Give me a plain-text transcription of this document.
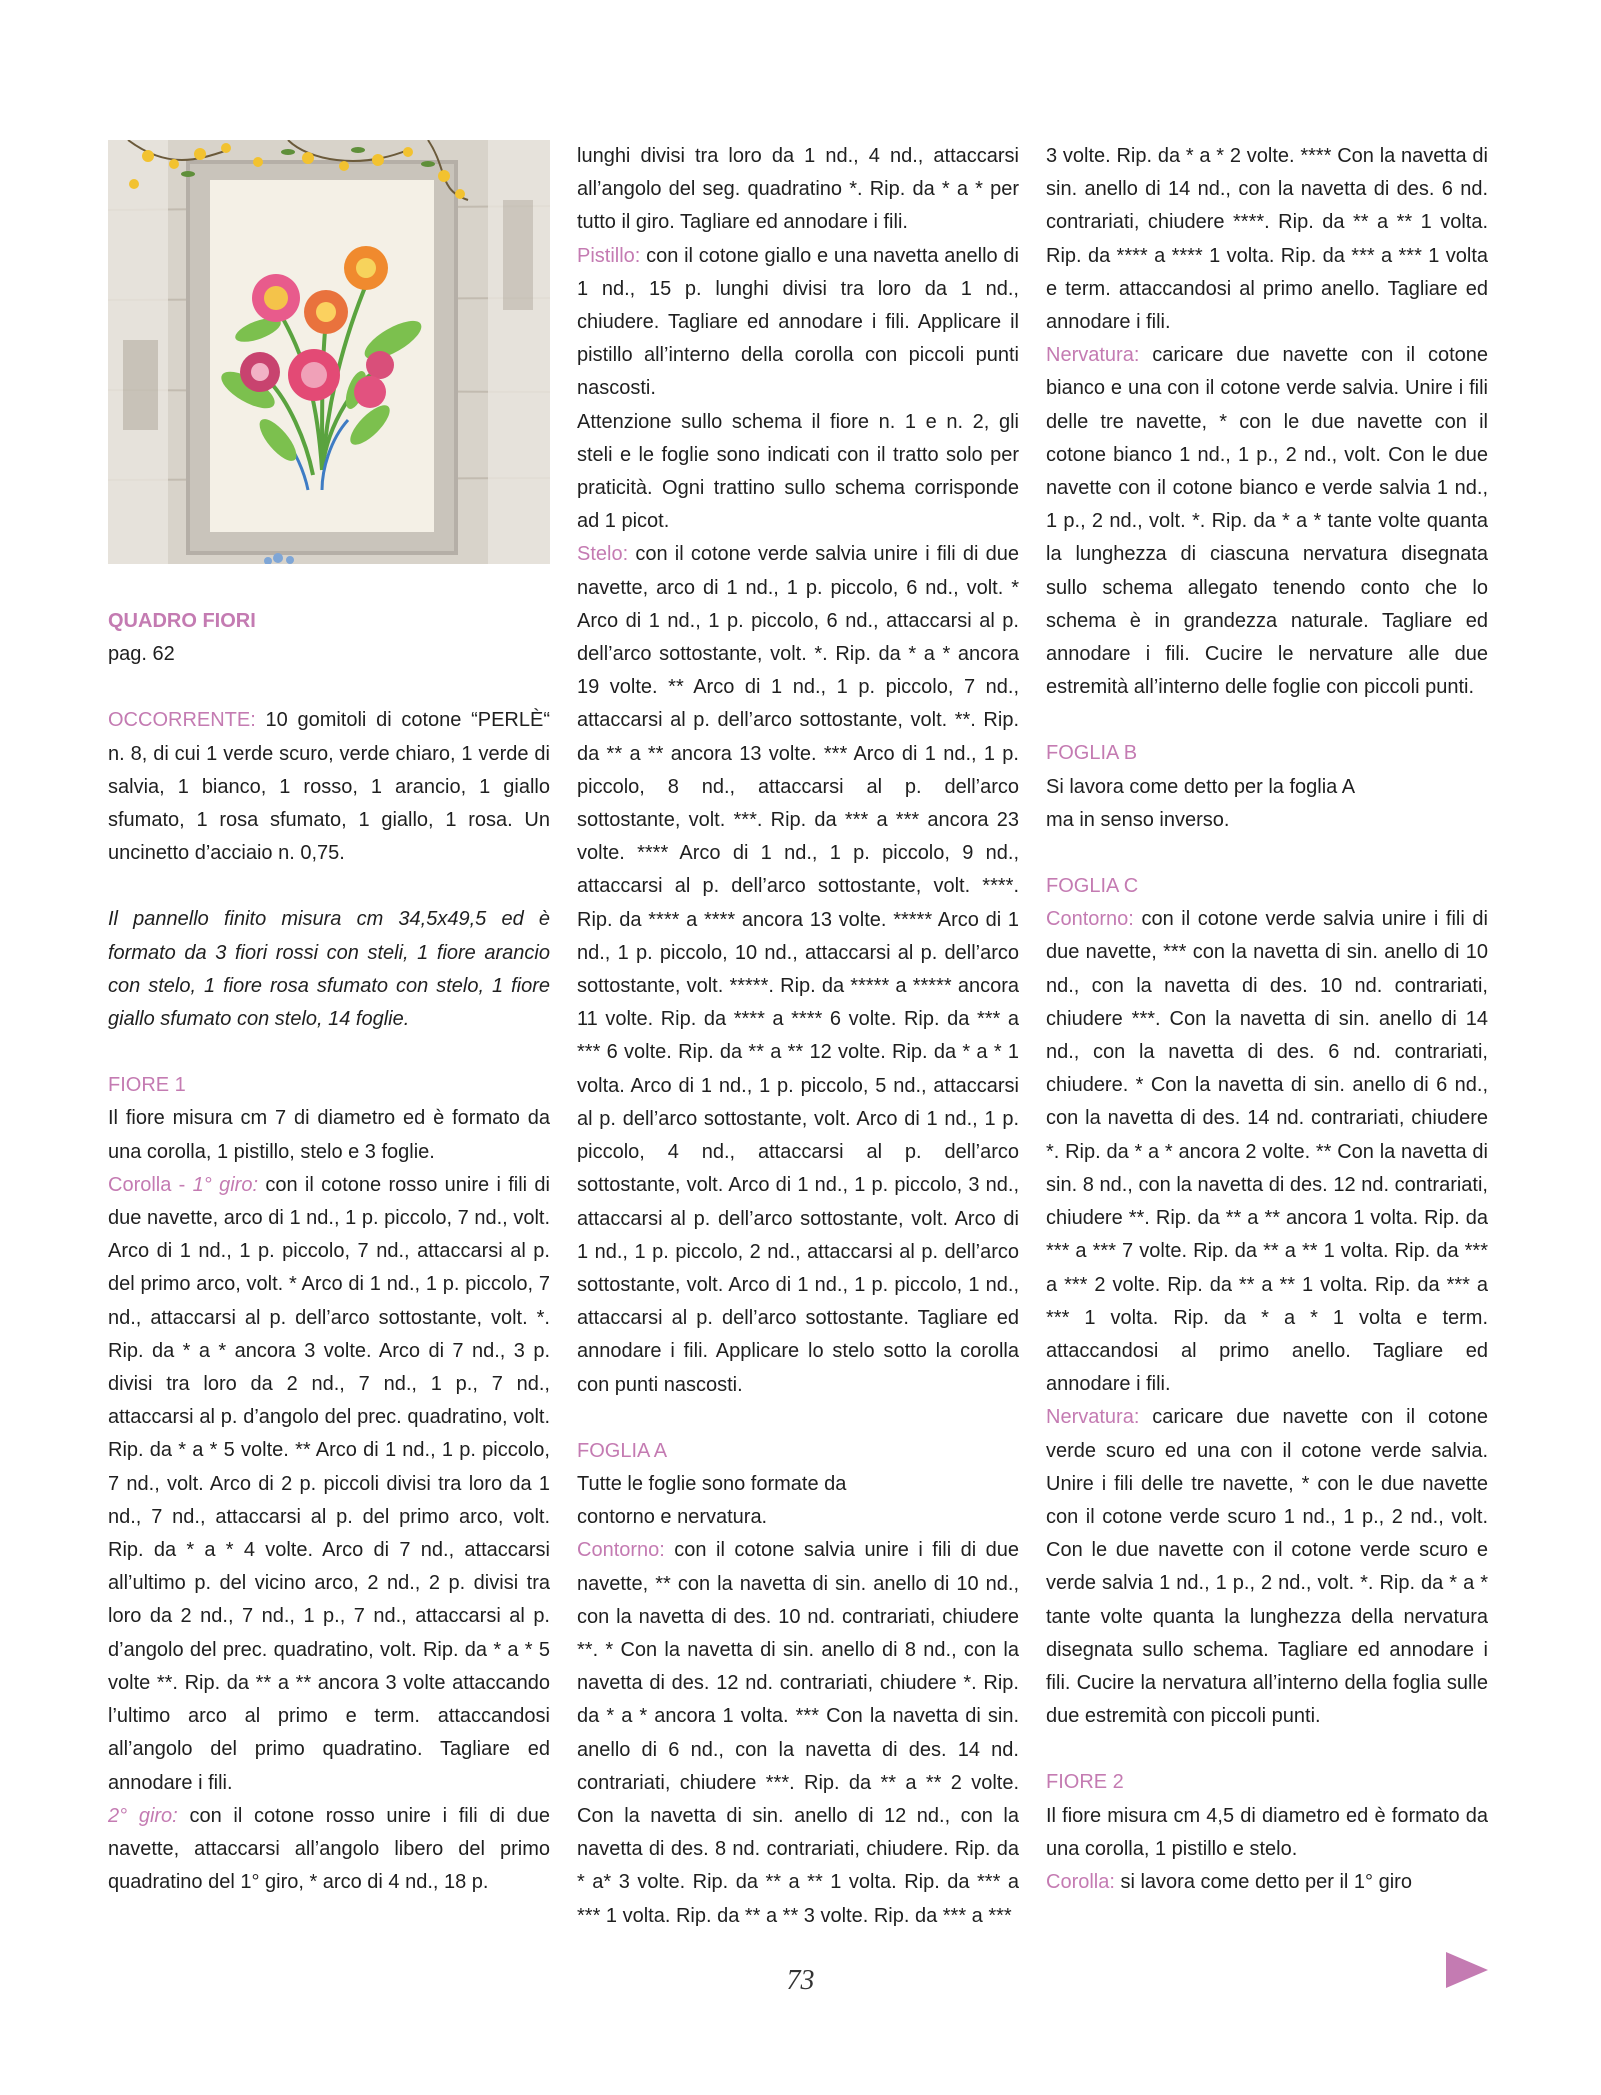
QUADRO FIORI
pag. 62

OCCORRENTE: 10 gomitoli di cotone “PERLÈ“ n. 8, di cui 1 verde scuro, verde chiaro, 1 verde di salvia, 1 bianco, 1 rosso, 1 arancio, 1 giallo sfumato, 1 rosa sfumato, 1 giallo, 1 rosa. Un uncinetto d’acciaio n. 0,75.

Il pannello finito misura cm 34,5x49,5 ed è formato da 3 fiori rossi con steli, 1 fiore arancio con stelo, 1 fiore rosa sfumato con stelo, 1 fiore giallo sfumato con stelo, 14 foglie.

FIORE 1

Il fiore misura cm 7 di diametro ed è formato da una corolla, 1 pistillo, stelo e 3 foglie.

Corolla - 1° giro: con il cotone rosso unire i fili di due navette, arco di 1 nd., 1 p. piccolo, 7 nd., volt. Arco di 1 nd., 1 p. piccolo, 7 nd., attaccarsi al p. del primo arco, volt. * Arco di 1 nd., 1 p. piccolo, 7 nd., attaccarsi al p. dell’arco sottostante, volt. *. Rip. da * a * ancora 3 volte. Arco di 7 nd., 3 p. divisi tra loro da 2 nd., 7 nd., 1 p., 7 nd., attaccarsi al p. d’angolo del prec. quadratino, volt. Rip. da * a * 5 volte. ** Arco di 1 nd., 1 p. piccolo, 7 nd., volt. Arco di 2 p. piccoli divisi tra loro da 1 nd., 7 nd., attaccarsi al p. del primo arco, volt. Rip. da * a * 4 volte. Arco di 7 nd., attaccarsi all’ultimo p. del vicino arco, 2 nd., 2 p. divisi tra loro da 2 nd., 7 nd., 1 p., 7 nd., attaccarsi al p. d’angolo del prec. quadratino, volt. Rip. da * a * 5 volte **. Rip. da ** a ** ancora 3 volte attaccando l’ultimo arco al primo e term. attaccandosi all’angolo del primo quadratino. Tagliare ed annodare i fili.

2° giro: con il cotone rosso unire i fili di due navette, attaccarsi all’angolo libero del primo quadratino del 1° giro, * arco di 4 nd., 18 p.

lunghi divisi tra loro da 1 nd., 4 nd., attaccarsi all’angolo del seg. quadratino *. Rip. da * a * per tutto il giro. Tagliare ed annodare i fili.

Pistillo: con il cotone giallo e una navetta anello di 1 nd., 15 p. lunghi divisi tra loro da 1 nd., chiudere. Tagliare ed annodare i fili. Applicare il pistillo all’interno della corolla con piccoli punti nascosti.

Attenzione sullo schema il fiore n. 1 e n. 2, gli steli e le foglie sono indicati con il tratto solo per praticità. Ogni trattino sullo schema corrisponde ad 1 picot.

Stelo: con il cotone verde salvia unire i fili di due navette, arco di 1 nd., 1 p. piccolo, 6 nd., volt. * Arco di 1 nd., 1 p. piccolo, 6 nd., attaccarsi al p. dell’arco sottostante, volt. *. Rip. da * a * ancora 19 volte. ** Arco di 1 nd., 1 p. piccolo, 7 nd., attaccarsi al p. dell’arco sottostante, volt. **. Rip. da ** a ** ancora 13 volte. *** Arco di 1 nd., 1 p. piccolo, 8 nd., attaccarsi al p. dell’arco sottostante, volt. ***. Rip. da *** a *** ancora 23 volte. **** Arco di 1 nd., 1 p. piccolo, 9 nd., attaccarsi al p. dell’arco sottostante, volt. ****. Rip. da **** a **** ancora 13 volte. ***** Arco di 1 nd., 1 p. piccolo, 10 nd., attaccarsi al p. dell’arco sottostante, volt. *****. Rip. da ***** a ***** ancora 11 volte. Rip. da **** a **** 6 volte. Rip. da *** a *** 6 volte. Rip. da ** a ** 12 volte. Rip. da * a * 1 volta. Arco di 1 nd., 1 p. piccolo, 5 nd., attaccarsi al p. dell’arco sottostante, volt. Arco di 1 nd., 1 p. piccolo, 4 nd., attaccarsi al p. dell’arco sottostante, volt. Arco di 1 nd., 1 p. piccolo, 3 nd., attaccarsi al p. dell’arco sottostante, volt. Arco di 1 nd., 1 p. piccolo, 2 nd., attaccarsi al p. dell’arco sottostante, volt. Arco di 1 nd., 1 p. piccolo, 1 nd., attaccarsi al p. dell’arco sottostante. Tagliare ed annodare i fili. Applicare lo stelo sotto la corolla con punti nascosti.

FOGLIA A
Tutte le foglie sono formate da
contorno e nervatura.

Contorno: con il cotone salvia unire i fili di due navette, ** con la navetta di sin. anello di 10 nd., con la navetta di des. 10 nd. contrariati, chiudere **. * Con la navetta di sin. anello di 8 nd., con la navetta di des. 12 nd. contrariati, chiudere *. Rip. da * a * ancora 1 volta. *** Con la navetta di sin. anello di 6 nd., con la navetta di des. 14 nd. contrariati, chiudere ***. Rip. da ** a ** 2 volte. Con la navetta di sin. anello di 12 nd., con la navetta di des. 8 nd. contrariati, chiudere. Rip. da * a* 3 volte. Rip. da ** a ** 1 volta. Rip. da *** a *** 1 volta. Rip. da ** a ** 3 volte. Rip. da *** a ***

3 volte. Rip. da * a * 2 volte. **** Con la navetta di sin. anello di 14 nd., con la navetta di des. 6 nd. contrariati, chiudere ****. Rip. da ** a ** 1 volta. Rip. da **** a **** 1 volta. Rip. da *** a *** 1 volta e term. attaccandosi al primo anello. Tagliare ed annodare i fili.

Nervatura: caricare due navette con il cotone bianco e una con il cotone verde salvia. Unire i fili delle tre navette, * con le due navette con il cotone bianco 1 nd., 1 p., 2 nd., volt. Con le due navette con il cotone bianco e verde salvia 1 nd., 1 p., 2 nd., volt. *. Rip. da * a * tante volte quanta la lunghezza di ciascuna nervatura disegnata sullo schema allegato tenendo conto che lo schema è in grandezza naturale. Tagliare ed annodare i fili. Cucire le nervature alle due estremità all’interno delle foglie con piccoli punti.

FOGLIA B
Si lavora come detto per la foglia A
ma in senso inverso.
FOGLIA C

Contorno: con il cotone verde salvia unire i fili di due navette, *** con la navetta di sin. anello di 10 nd., con la navetta di des. 10 nd. contrariati, chiudere ***. Con la navetta di sin. anello di 14 nd., con la navetta di des. 6 nd. contrariati, chiudere. * Con la navetta di sin. anello di 6 nd., con la navetta di des. 14 nd. contrariati, chiudere *. Rip. da * a * ancora 2 volte. ** Con la navetta di sin. 8 nd., con la navetta di des. 12 nd. contrariati, chiudere **. Rip. da ** a ** ancora 1 volta. Rip. da *** a *** 7 volte. Rip. da ** a ** 1 volta. Rip. da *** a *** 2 volte. Rip. da ** a ** 1 volta. Rip. da *** a *** 1 volta. Rip. da * a * 1 volta e term. attaccandosi al primo anello. Tagliare ed annodare i fili.

Nervatura: caricare due navette con il cotone verde scuro ed una con il cotone verde salvia. Unire i fili delle tre navette, * con le due navette con il cotone verde scuro 1 nd., 1 p., 2 nd., volt. Con le due navette con il cotone verde scuro e verde salvia 1 nd., 1 p., 2 nd., volt. *. Rip. da * a * tante volte quanta la lunghezza della nervatura disegnata sullo schema. Tagliare ed annodare i fili. Cucire la nervatura all’interno della foglia sulle due estremità con piccoli punti.

FIORE 2

Il fiore misura cm 4,5 di diametro ed è formato da una corolla, 1 pistillo e stelo.

Corolla: si lavora come detto per il 1° giro

73
